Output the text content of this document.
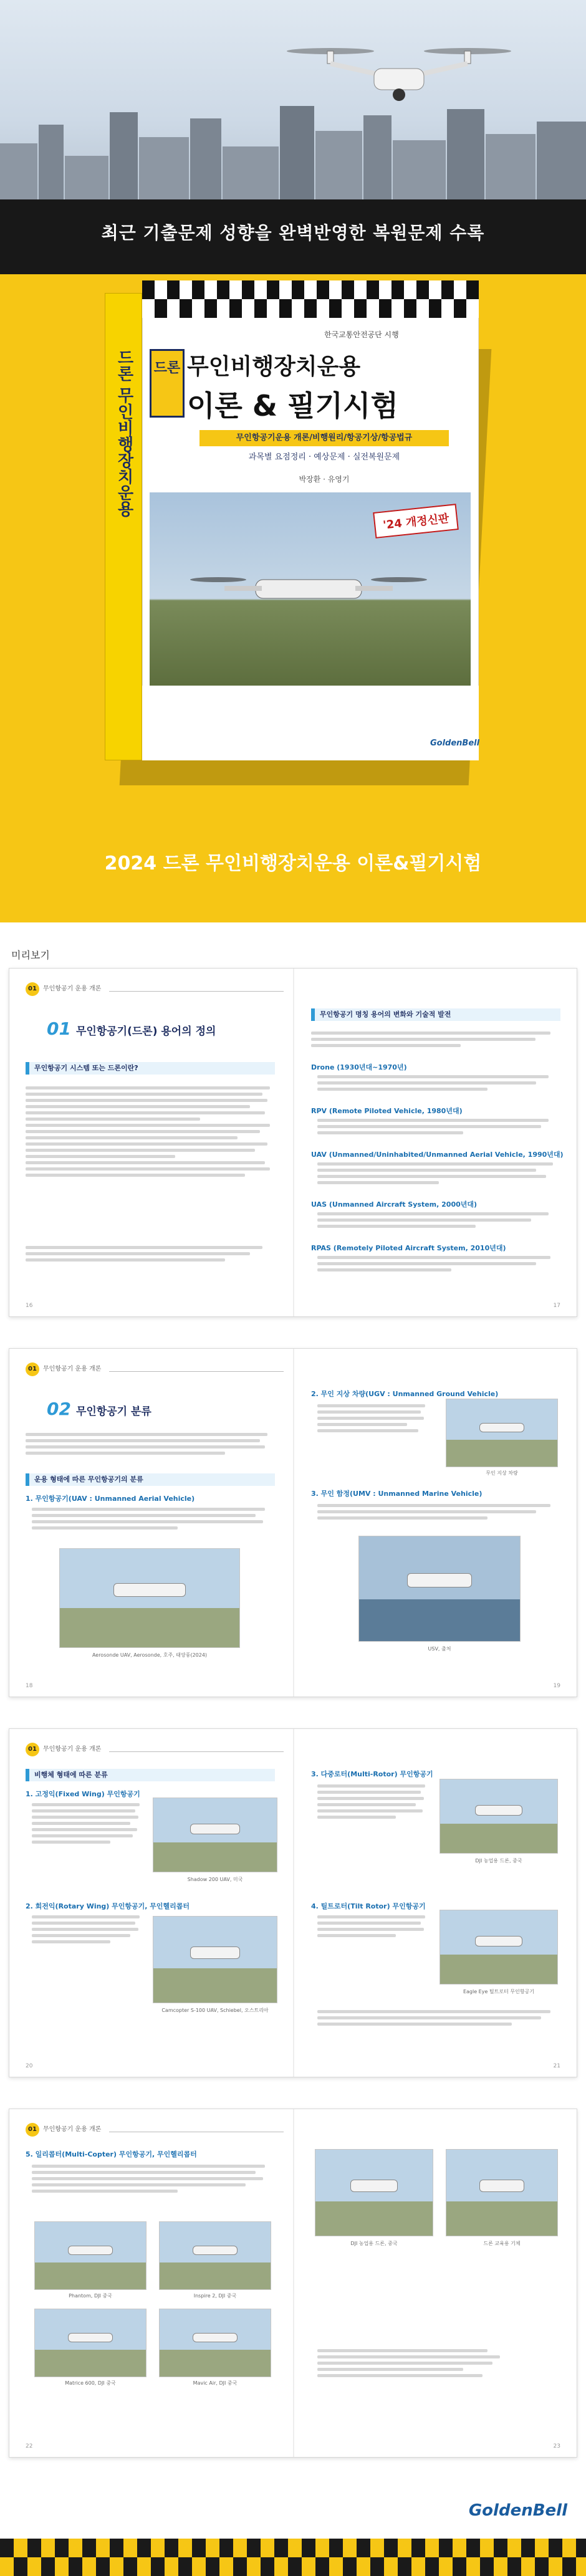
최근 기출문제 성향을 완벽반영한 복원문제 수록
드론 무인비행장치운용
한국교통안전공단 시행
드론 무인비행장치운용
이론 & 필기시험
무인항공기운용 개론/비행원리/항공기상/항공법규
과목별 요점정리 · 예상문제 · 실전복원문제
박장환 · 유영기
'24 개정신판
GoldenBell
2024 드론 무인비행장치운용 이론&필기시험
미리보기
01 무인항공기 운용 개론
01 무인항공기(드론) 용어의 정의
무인항공기 시스템 또는 드론이란?
무인항공기 명칭 용어의 변화와 기술적 발전
Drone (1930년대~1970년)
RPV (Remote Piloted Vehicle, 1980년대)
UAV (Unmanned/Uninhabited/Unmanned Aerial Vehicle, 1990년대)
UAS (Unmanned Aircraft System, 2000년대)
RPAS (Remotely Piloted Aircraft System, 2010년대)
16	17
01 무인항공기 운용 개론
02 무인항공기 분류
운용 형태에 따른 무인항공기의 분류
1. 무인항공기(UAV : Unmanned Aerial Vehicle)
Aerosonde UAV, Aerosonde, 호주, 태양풍(2024)
2. 무인 지상 차량(UGV : Unmanned Ground Vehicle)
무인 지상 차량
3. 무인 함정(UMV : Unmanned Marine Vehicle)
USV, 출처
18	19
01 무인항공기 운용 개론
비행체 형태에 따른 분류
1. 고정익(Fixed Wing) 무인항공기
Shadow 200 UAV, 미국
2. 회전익(Rotary Wing) 무인항공기, 무인헬리콥터
Camcopter S-100 UAV, Schiebel, 오스트리아
3. 다중로터(Multi-Rotor) 무인항공기
DJI 농업용 드론, 중국
4. 틸트로터(Tilt Rotor) 무인항공기
Eagle Eye 틸트로터 무인항공기
20	21
01 무인항공기 운용 개론
5. 일리콥터(Multi-Copter) 무인항공기, 무인헬리콥터
Phantom, DJI 중국	Inspire 2, DJI 중국
Matrice 600, DJI 중국	Mavic Air, DJI 중국
DJI 농업용 드론, 중국	드론 교육용 기체
22	23
GoldenBell
